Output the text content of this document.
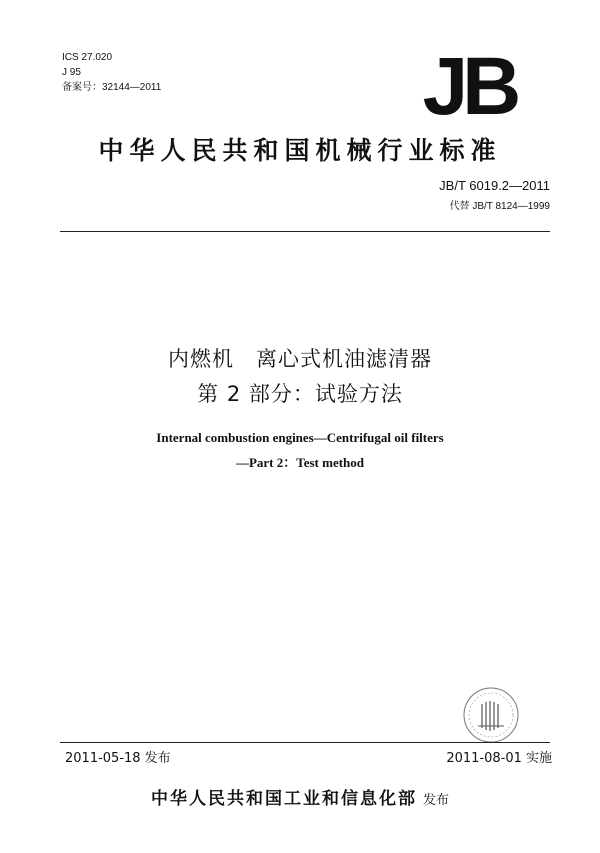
ICS 27.020
J 95
备案号：32144—2011	JB
中华人民共和国机械行业标准
JB/T 6019.2—2011
代替 JB/T 8124—1999
内燃机　离心式机油滤清器
第 2 部分：试验方法
Internal combustion engines—Centrifugal oil filters
—Part 2：Test method
2011-05-18 发布	2011-08-01 实施
中华人民共和国工业和信息化部 发布
